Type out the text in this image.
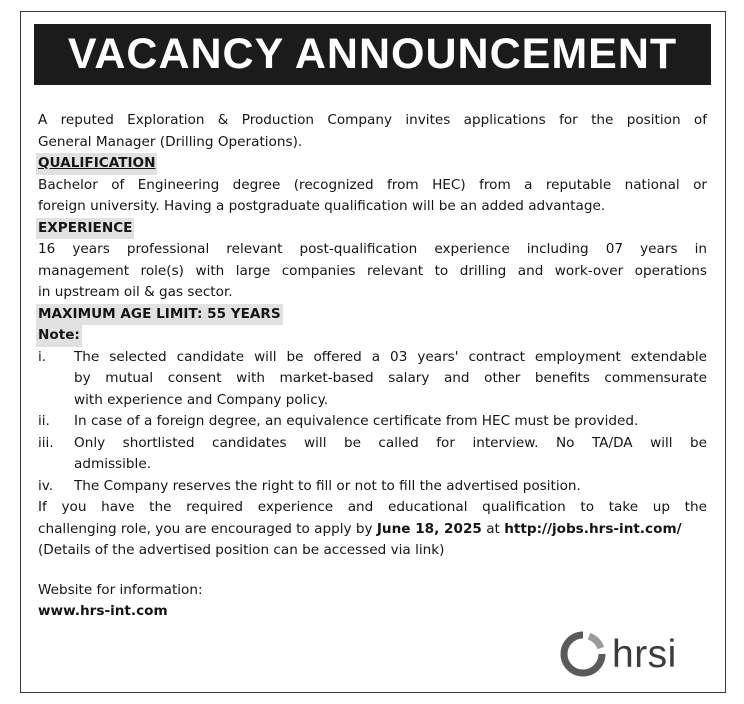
VACANCY ANNOUNCEMENT
A reputed Exploration & Production Company invites applications for the position of
General Manager (Drilling Operations).
QUALIFICATION
Bachelor of Engineering degree (recognized from HEC) from a reputable national or
foreign university. Having a postgraduate qualification will be an added advantage.
EXPERIENCE
16 years professional relevant post-qualification experience including 07 years in
management role(s) with large companies relevant to drilling and work-over operations
in upstream oil & gas sector.
MAXIMUM AGE LIMIT: 55 YEARS
Note:
i. The selected candidate will be offered a 03 years' contract employment extendable
by mutual consent with market-based salary and other benefits commensurate
with experience and Company policy.
ii. In case of a foreign degree, an equivalence certificate from HEC must be provided.
iii. Only shortlisted candidates will be called for interview. No TA/DA will be
admissible.
iv. The Company reserves the right to fill or not to fill the advertised position.
If you have the required experience and educational qualification to take up the
challenging role, you are encouraged to apply by June 18, 2025 at http://jobs.hrs-int.com/
(Details of the advertised position can be accessed via link)
Website for information:
www.hrs-int.com
hrsi
